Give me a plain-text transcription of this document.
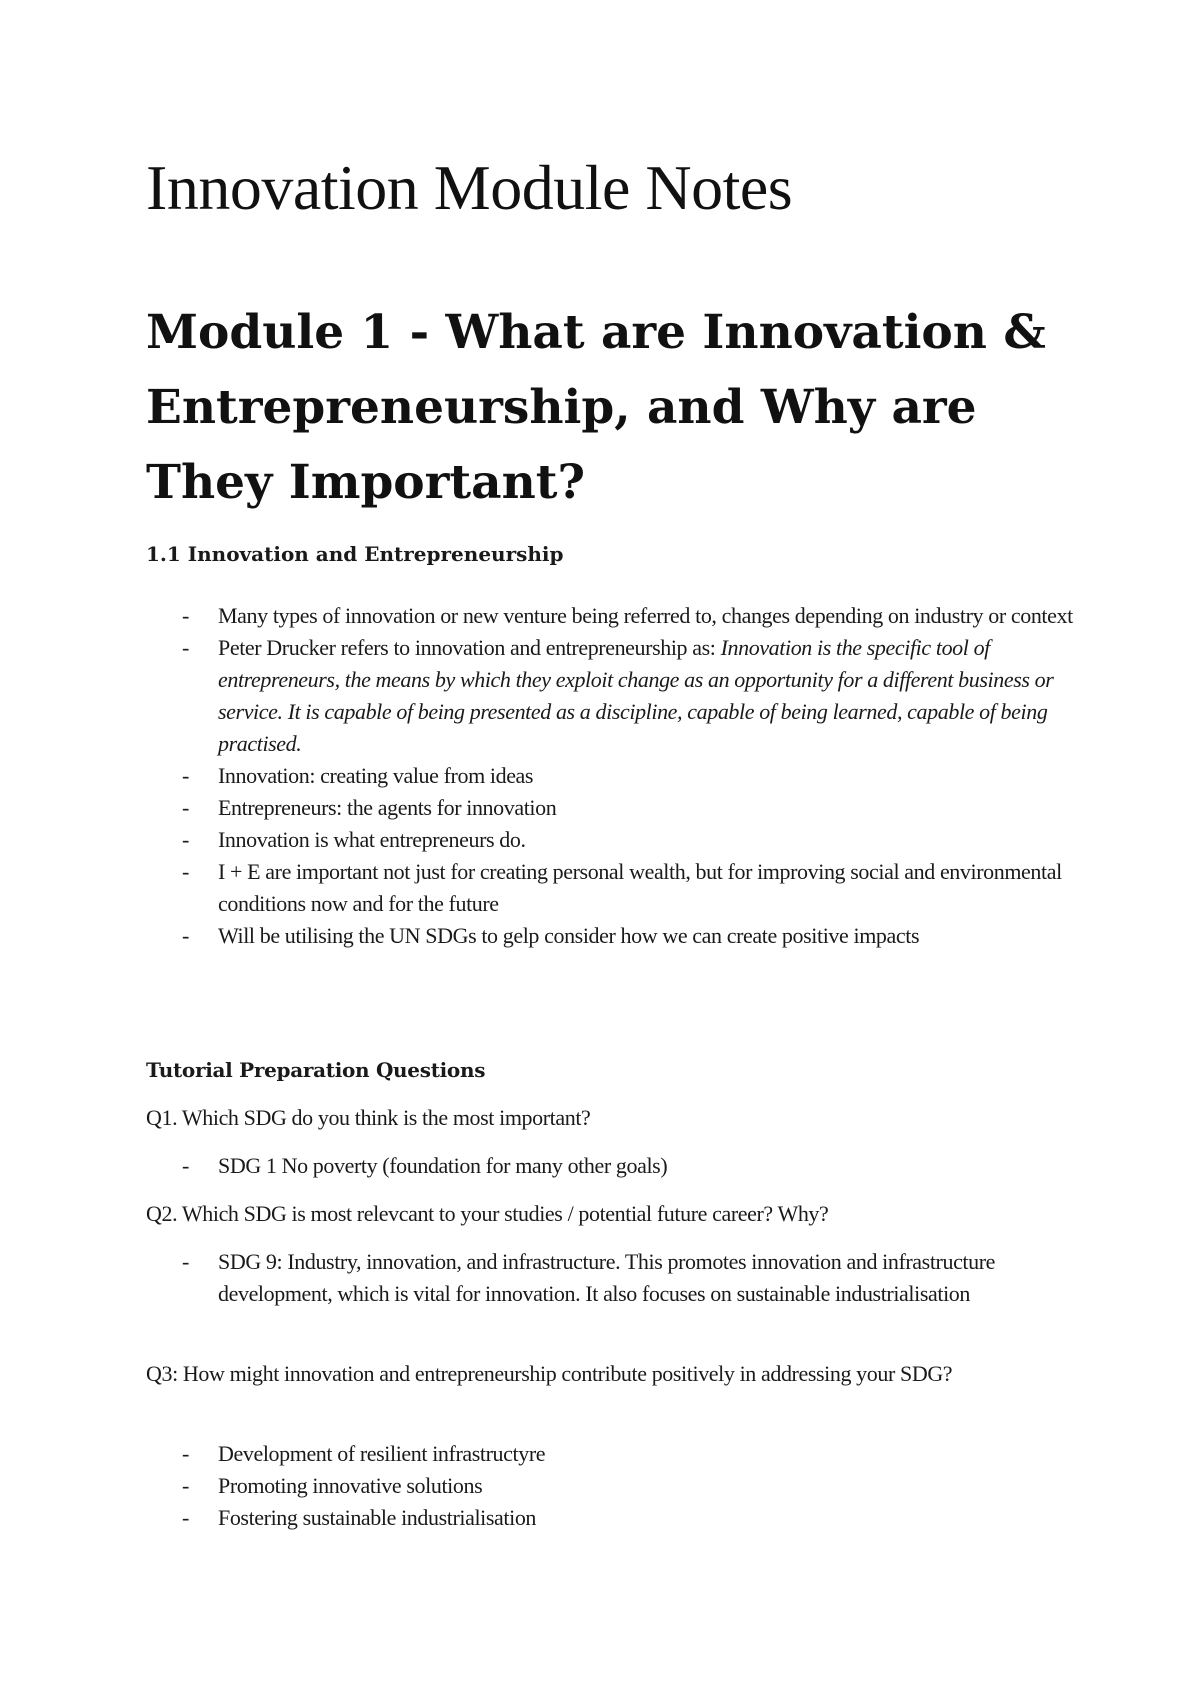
Innovation Module Notes
Module 1 - What are Innovation & Entrepreneurship, and Why are They Important?
1.1 Innovation and Entrepreneurship
- Many types of innovation or new venture being referred to, changes depending on industry or context
- Peter Drucker refers to innovation and entrepreneurship as: Innovation is the specific tool of entrepreneurs, the means by which they exploit change as an opportunity for a different business or service. It is capable of being presented as a discipline, capable of being learned, capable of being practised.
- Innovation: creating value from ideas
- Entrepreneurs: the agents for innovation
- Innovation is what entrepreneurs do.
- I + E are important not just for creating personal wealth, but for improving social and environmental conditions now and for the future
- Will be utilising the UN SDGs to gelp consider how we can create positive impacts
Tutorial Preparation Questions

Q1. Which SDG do you think is the most important?

- SDG 1 No poverty (foundation for many other goals)

Q2. Which SDG is most relevcant to your studies / potential future career? Why?

- SDG 9: Industry, innovation, and infrastructure. This promotes innovation and infrastructure development, which is vital for innovation. It also focuses on sustainable industrialisation

Q3: How might innovation and entrepreneurship contribute positively in addressing your SDG?

- Development of resilient infrastructyre
- Promoting innovative solutions
- Fostering sustainable industrialisation
